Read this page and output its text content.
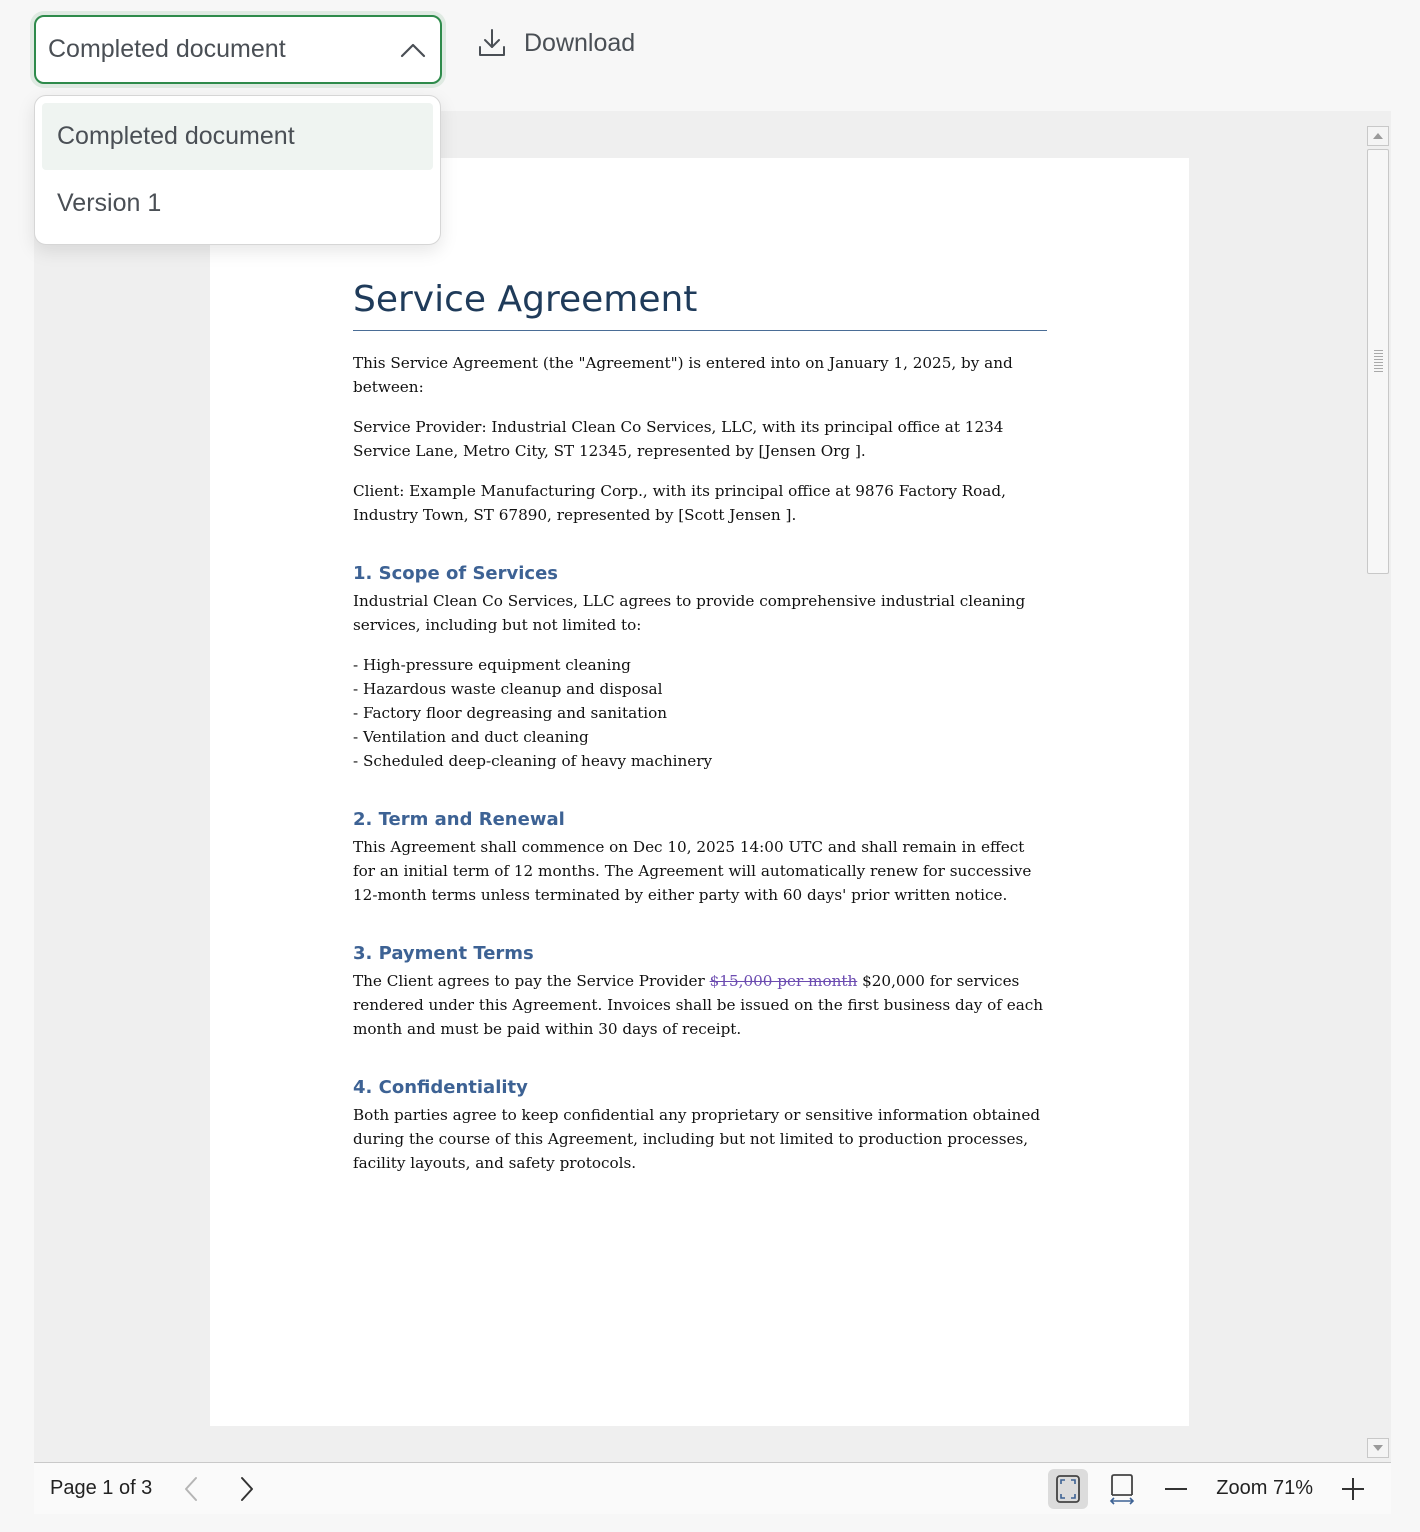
Completed document	Download
Service Agreement

This Service Agreement (the "Agreement") is entered into on January 1, 2025, by and between:

Service Provider: Industrial Clean Co Services, LLC, with its principal office at 1234 Service Lane, Metro City, ST 12345, represented by [Jensen Org ].

Client: Example Manufacturing Corp., with its principal office at 9876 Factory Road, Industry Town, ST 67890, represented by [Scott Jensen ].

1. Scope of Services

Industrial Clean Co Services, LLC agrees to provide comprehensive industrial cleaning services, including but not limited to:

- High-pressure equipment cleaning
- Hazardous waste cleanup and disposal
- Factory floor degreasing and sanitation
- Ventilation and duct cleaning
- Scheduled deep-cleaning of heavy machinery
2. Term and Renewal

This Agreement shall commence on Dec 10, 2025 14:00 UTC and shall remain in effect for an initial term of 12 months. The Agreement will automatically renew for successive 12-month terms unless terminated by either party with 60 days' prior written notice.

3. Payment Terms

The Client agrees to pay the Service Provider $15,000 per month $20,000 for services rendered under this Agreement. Invoices shall be issued on the first business day of each month and must be paid within 30 days of receipt.

4. Confidentiality

Both parties agree to keep confidential any proprietary or sensitive information obtained during the course of this Agreement, including but not limited to production processes, facility layouts, and safety protocols.

Completed document
Version 1
Page 1 of 3	Zoom 71%
